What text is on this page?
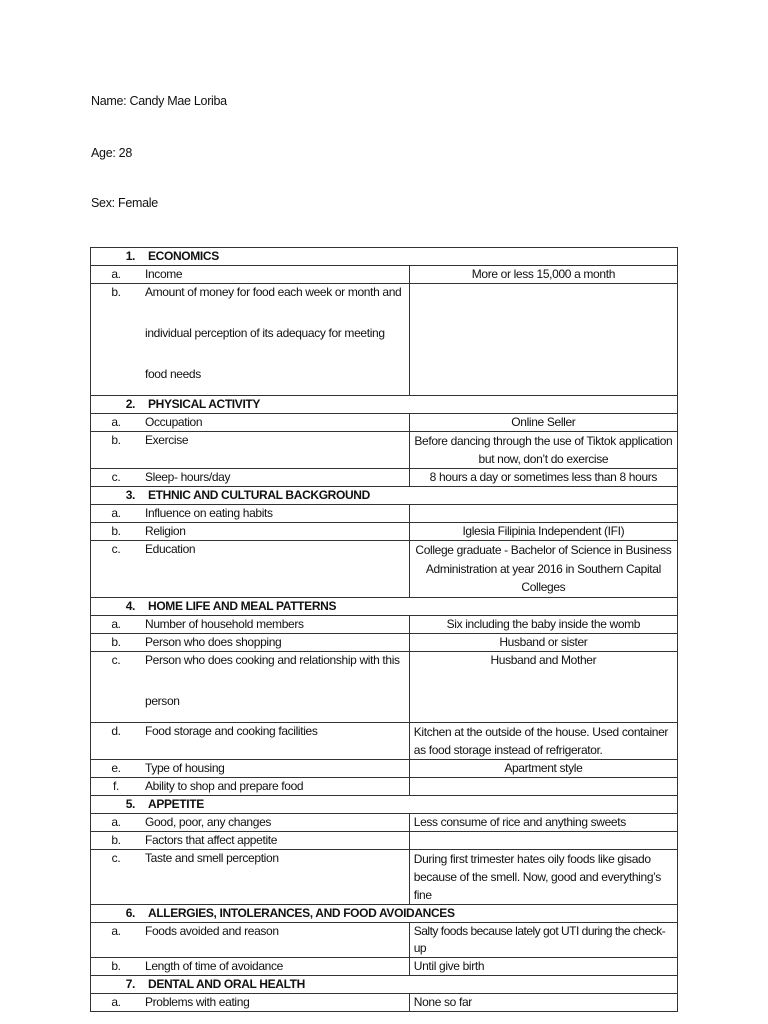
Name: Candy Mae Loriba
Age: 28
Sex: Female
1.	ECONOMICS	
a.	Income	More or less 15,000 a month
b.	Amount of money for food each week or month and individual perception of its adequacy for meeting food needs	

2.	PHYSICAL ACTIVITY	
a.	Occupation	Online Seller
b.	Exercise	Before dancing through the use of Tiktok application but now, don’t do exercise
c.	Sleep- hours/day	8 hours a day or sometimes less than 8 hours
3.	ETHNIC AND CULTURAL BACKGROUND	
a.	Influence on eating habits	
b.	Religion	Iglesia Filipinia Independent (IFI)
c.	Education	College graduate - Bachelor of Science in Business Administration at year 2016 in Southern Capital Colleges
4.	HOME LIFE AND MEAL PATTERNS	
a.	Number of household members	Six including the baby inside the womb
b.	Person who does shopping	Husband or sister
c.	Person who does cooking and relationship with this person	Husband and Mother
d.	Food storage and cooking facilities	Kitchen at the outside of the house. Used container as food storage instead of refrigerator.
e.	Type of housing	Apartment style
f.	Ability to shop and prepare food	
5.	APPETITE	
a.	Good, poor, any changes	Less consume of rice and anything sweets
b.	Factors that affect appetite	
c.	Taste and smell perception	During first trimester hates oily foods like gisado because of the smell. Now, good and everything’s fine
6.	ALLERGIES, INTOLERANCES, AND FOOD AVOIDANCES	
a.	Foods avoided and reason	Salty foods because lately got UTI during the check-up
b.	Length of time of avoidance	Until give birth
7.	DENTAL AND ORAL HEALTH	
a.	Problems with eating	None so far
